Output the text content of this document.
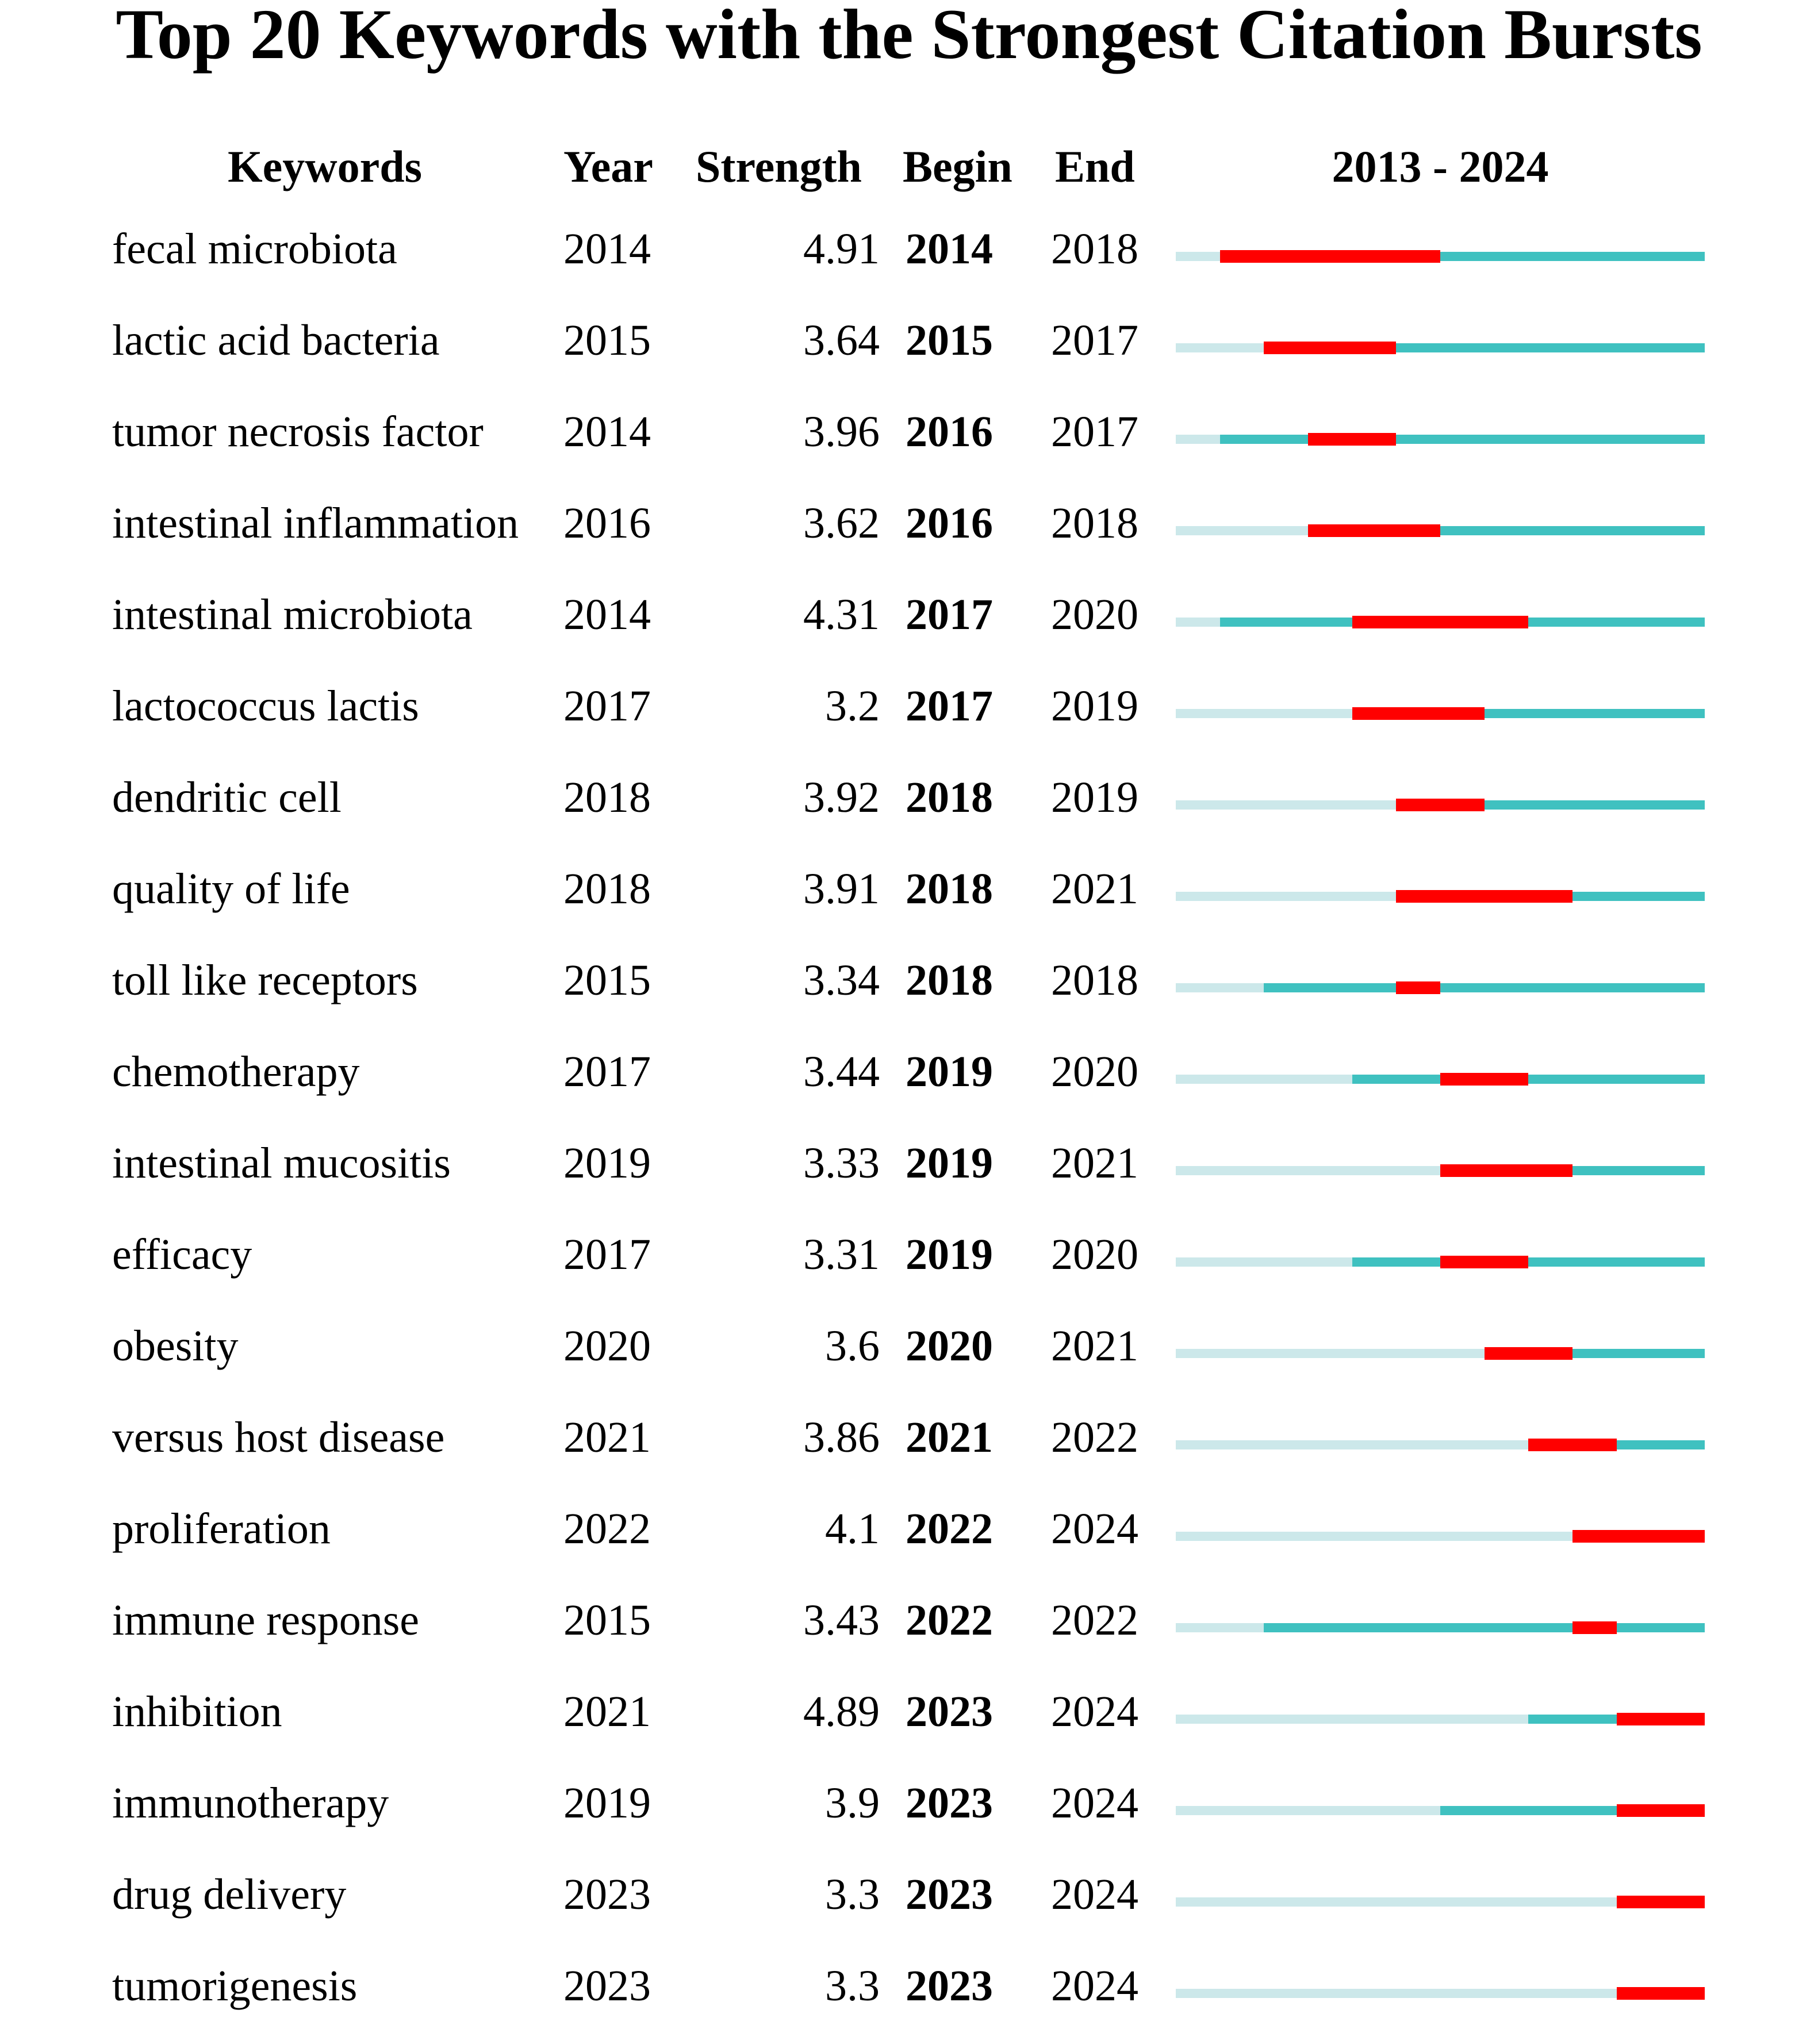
Top 20 Keywords with the Strongest Citation Bursts
Keywords	Year Strength Begin End	2013 - 2024
fecal microbiota	2014	4.91 2014	2018
lactic acid bacteria	2015	3.64 2015	2017
tumor necrosis factor	2014	3.96 2016	2017
intestinal inflammation	2016	3.62 2016	2018
intestinal microbiota	2014	4.31 2017	2020
lactococcus lactis	2017	3.2 2017	2019
dendritic cell	2018	3.92 2018	2019
quality of life	2018	3.91 2018	2021
toll like receptors	2015	3.34 2018	2018
chemotherapy	2017	3.44 2019	2020
intestinal mucositis	2019	3.33 2019	2021
efficacy	2017	3.31 2019	2020
obesity	2020	3.6 2020	2021
versus host disease	2021	3.86 2021	2022
proliferation	2022	4.1 2022	2024
immune response	2015	3.43 2022	2022
inhibition	2021	4.89 2023	2024
immunotherapy	2019	3.9 2023	2024
drug delivery	2023	3.3 2023	2024
tumorigenesis	2023	3.3 2023	2024
